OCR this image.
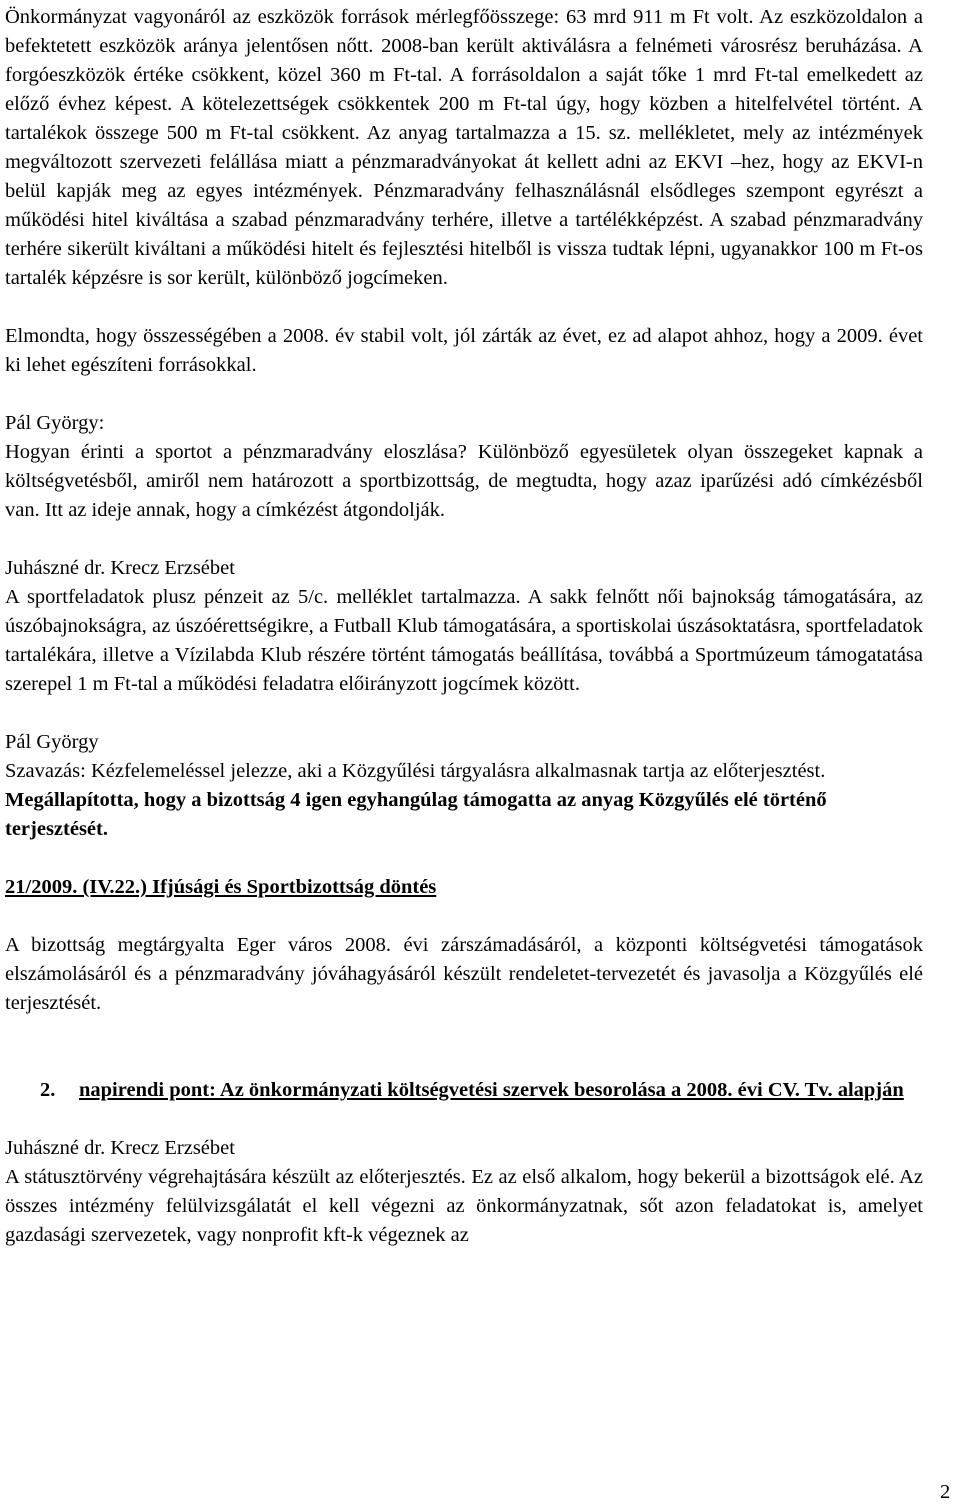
Önkormányzat vagyonáról az eszközök források mérlegfőösszege: 63 mrd 911 m Ft volt. Az eszközoldalon a befektetett eszközök aránya jelentősen nőtt. 2008-ban került aktiválásra a felnémeti városrész beruházása. A forgóeszközök értéke csökkent, közel 360 m Ft-tal. A forrásoldalon a saját tőke 1 mrd Ft-tal emelkedett az előző évhez képest. A kötelezettségek csökkentek 200 m Ft-tal úgy, hogy közben a hitelfelvétel történt. A tartalékok összege 500 m Ft-tal csökkent. Az anyag tartalmazza a 15. sz. mellékletet, mely az intézmények megváltozott szervezeti felállása miatt a pénzmaradványokat át kellett adni az EKVI –hez, hogy az EKVI-n belül kapják meg az egyes intézmények. Pénzmaradvány felhasználásnál elsődleges szempont egyrészt a működési hitel kiváltása a szabad pénzmaradvány terhére, illetve a tartélékképzést. A szabad pénzmaradvány terhére sikerült kiváltani a működési hitelt és fejlesztési hitelből is vissza tudtak lépni, ugyanakkor 100 m Ft-os tartalék képzésre is sor került, különböző jogcímeken.

Elmondta, hogy összességében a 2008. év stabil volt, jól zárták az évet, ez ad alapot ahhoz, hogy a 2009. évet ki lehet egészíteni forrásokkal.

Pál György:

Hogyan érinti a sportot a pénzmaradvány eloszlása? Különböző egyesületek olyan összegeket kapnak a költségvetésből, amiről nem határozott a sportbizottság, de megtudta, hogy azaz iparűzési adó címkézésből van. Itt az ideje annak, hogy a címkézést átgondolják.

Juhászné dr. Krecz Erzsébet

A sportfeladatok plusz pénzeit az 5/c. melléklet tartalmazza. A sakk felnőtt női bajnokság támogatására, az úszóbajnokságra, az úszóérettségikre, a Futball Klub támogatására, a sportiskolai úszásoktatásra, sportfeladatok tartalékára, illetve a Vízilabda Klub részére történt támogatás beállítása, továbbá a Sportmúzeum támogatatása szerepel 1 m Ft-tal a működési feladatra előirányzott jogcímek között.

Pál György

Szavazás: Kézfelemeléssel jelezze, aki a Közgyűlési tárgyalásra alkalmasnak tartja az előterjesztést.

Megállapította, hogy a bizottság 4 igen egyhangúlag támogatta az anyag Közgyűlés elé történő terjesztését.

21/2009. (IV.22.) Ifjúsági és Sportbizottság döntés

A bizottság megtárgyalta Eger város 2008. évi zárszámadásáról, a központi költségvetési támogatások elszámolásáról és a pénzmaradvány jóváhagyásáról készült rendeletet-tervezetét és javasolja a Közgyűlés elé terjesztését.

2. napirendi pont: Az önkormányzati költségvetési szervek besorolása a 2008. évi CV. Tv. alapján

Juhászné dr. Krecz Erzsébet

A státusztörvény végrehajtására készült az előterjesztés. Ez az első alkalom, hogy bekerül a bizottságok elé. Az összes intézmény felülvizsgálatát el kell végezni az önkormányzatnak, sőt azon feladatokat is, amelyet gazdasági szervezetek, vagy nonprofit kft-k végeznek az

2
